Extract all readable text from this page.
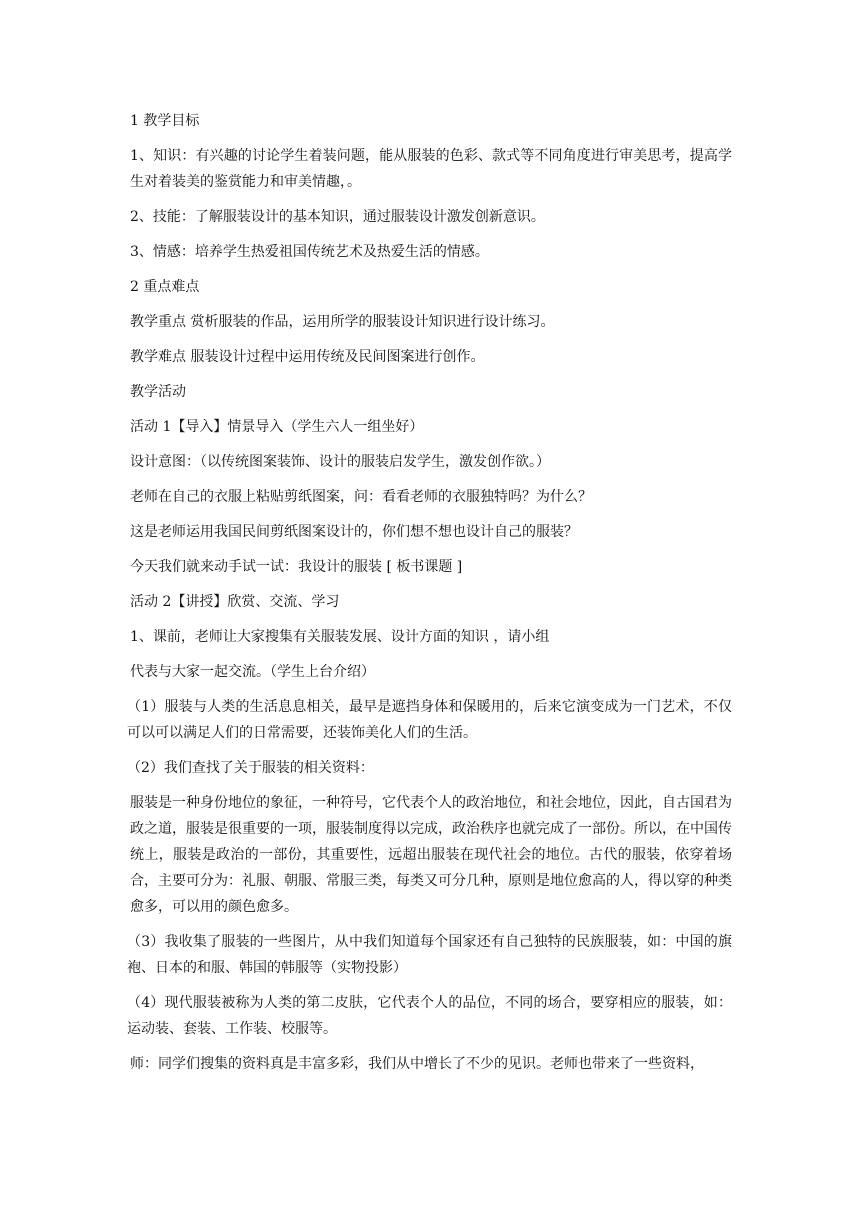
1 教学目标

1、知识：有兴趣的讨论学生着装问题，能从服装的色彩、款式等不同角度进行审美思考，提高学生对着装美的鉴赏能力和审美情趣，。

2、技能：了解服装设计的基本知识，通过服装设计激发创新意识。

3、情感：培养学生热爱祖国传统艺术及热爱生活的情感。

2 重点难点

教学重点 赏析服装的作品，运用所学的服装设计知识进行设计练习。

教学难点 服装设计过程中运用传统及民间图案进行创作。

教学活动

活动 1【导入】情景导入（学生六人一组坐好）

设计意图：（以传统图案装饰、设计的服装启发学生，激发创作欲。）

老师在自己的衣服上粘贴剪纸图案，问：看看老师的衣服独特吗？为什么？

这是老师运用我国民间剪纸图案设计的，你们想不想也设计自己的服装？

今天我们就来动手试一试：我设计的服装 [ 板书课题 ]

活动 2【讲授】欣赏、交流、学习

1、课前，老师让大家搜集有关服装发展、设计方面的知识 ，请小组

代表与大家一起交流。（学生上台介绍）

（1）服装与人类的生活息息相关，最早是遮挡身体和保暖用的，后来它演变成为一门艺术，不仅可以可以满足人们的日常需要，还装饰美化人们的生活。

（2）我们查找了关于服装的相关资料：

服装是一种身份地位的象征，一种符号，它代表个人的政治地位，和社会地位，因此，自古国君为政之道，服装是很重要的一项，服装制度得以完成，政治秩序也就完成了一部份。所以，在中国传统上，服装是政治的一部份，其重要性，远超出服装在现代社会的地位。古代的服装，依穿着场合，主要可分为：礼服、朝服、常服三类，每类又可分几种，原则是地位愈高的人，得以穿的种类愈多，可以用的颜色愈多。

（3）我收集了服装的一些图片，从中我们知道每个国家还有自己独特的民族服装，如：中国的旗袍、日本的和服、韩国的韩服等（实物投影）

（4）现代服装被称为人类的第二皮肤，它代表个人的品位，不同的场合，要穿相应的服装，如：运动装、套装、工作装、校服等。

师：同学们搜集的资料真是丰富多彩，我们从中增长了不少的见识。老师也带来了一些资料，
